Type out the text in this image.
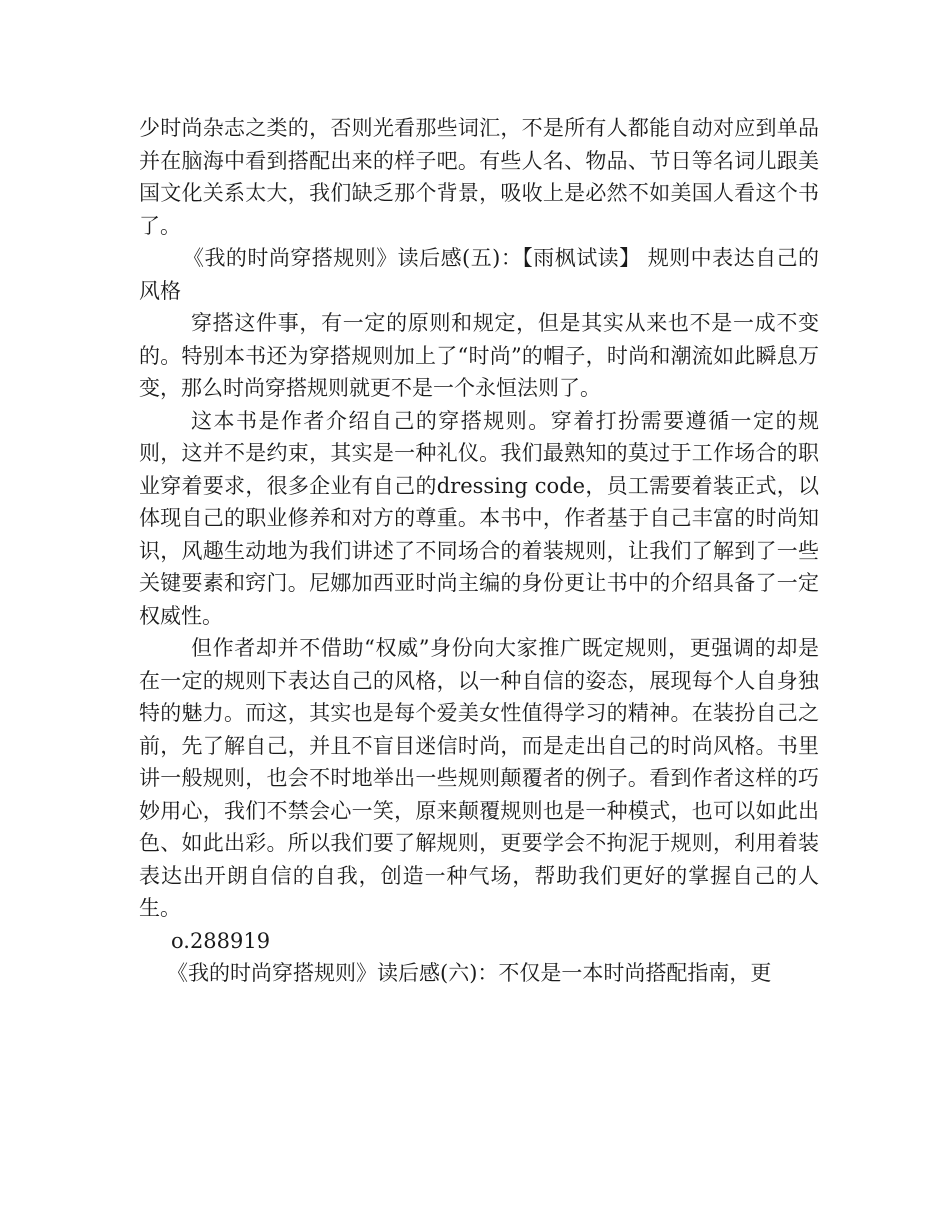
少时尚杂志之类的，否则光看那些词汇，不是所有人都能自动对应到单品并在脑海中看到搭配出来的样子吧。有些人名、物品、节日等名词儿跟美国文化关系太大，我们缺乏那个背景，吸收上是必然不如美国人看这个书了。

《我的时尚穿搭规则》读后感(五)：【雨枫试读】 规则中表达自己的风格

穿搭这件事，有一定的原则和规定，但是其实从来也不是一成不变的。特别本书还为穿搭规则加上了“时尚”的帽子，时尚和潮流如此瞬息万变，那么时尚穿搭规则就更不是一个永恒法则了。

这本书是作者介绍自己的穿搭规则。穿着打扮需要遵循一定的规则，这并不是约束，其实是一种礼仪。我们最熟知的莫过于工作场合的职业穿着要求，很多企业有自己的dressing code，员工需要着装正式，以体现自己的职业修养和对方的尊重。本书中，作者基于自己丰富的时尚知识，风趣生动地为我们讲述了不同场合的着装规则，让我们了解到了一些关键要素和窍门。尼娜加西亚时尚主编的身份更让书中的介绍具备了一定权威性。

但作者却并不借助“权威”身份向大家推广既定规则，更强调的却是在一定的规则下表达自己的风格，以一种自信的姿态，展现每个人自身独特的魅力。而这，其实也是每个爱美女性值得学习的精神。在装扮自己之前，先了解自己，并且不盲目迷信时尚，而是走出自己的时尚风格。书里讲一般规则，也会不时地举出一些规则颠覆者的例子。看到作者这样的巧妙用心，我们不禁会心一笑，原来颠覆规则也是一种模式，也可以如此出色、如此出彩。所以我们要了解规则，更要学会不拘泥于规则，利用着装表达出开朗自信的自我，创造一种气场，帮助我们更好的掌握自己的人生。

o.288919

《我的时尚穿搭规则》读后感(六)：不仅是一本时尚搭配指南，更
